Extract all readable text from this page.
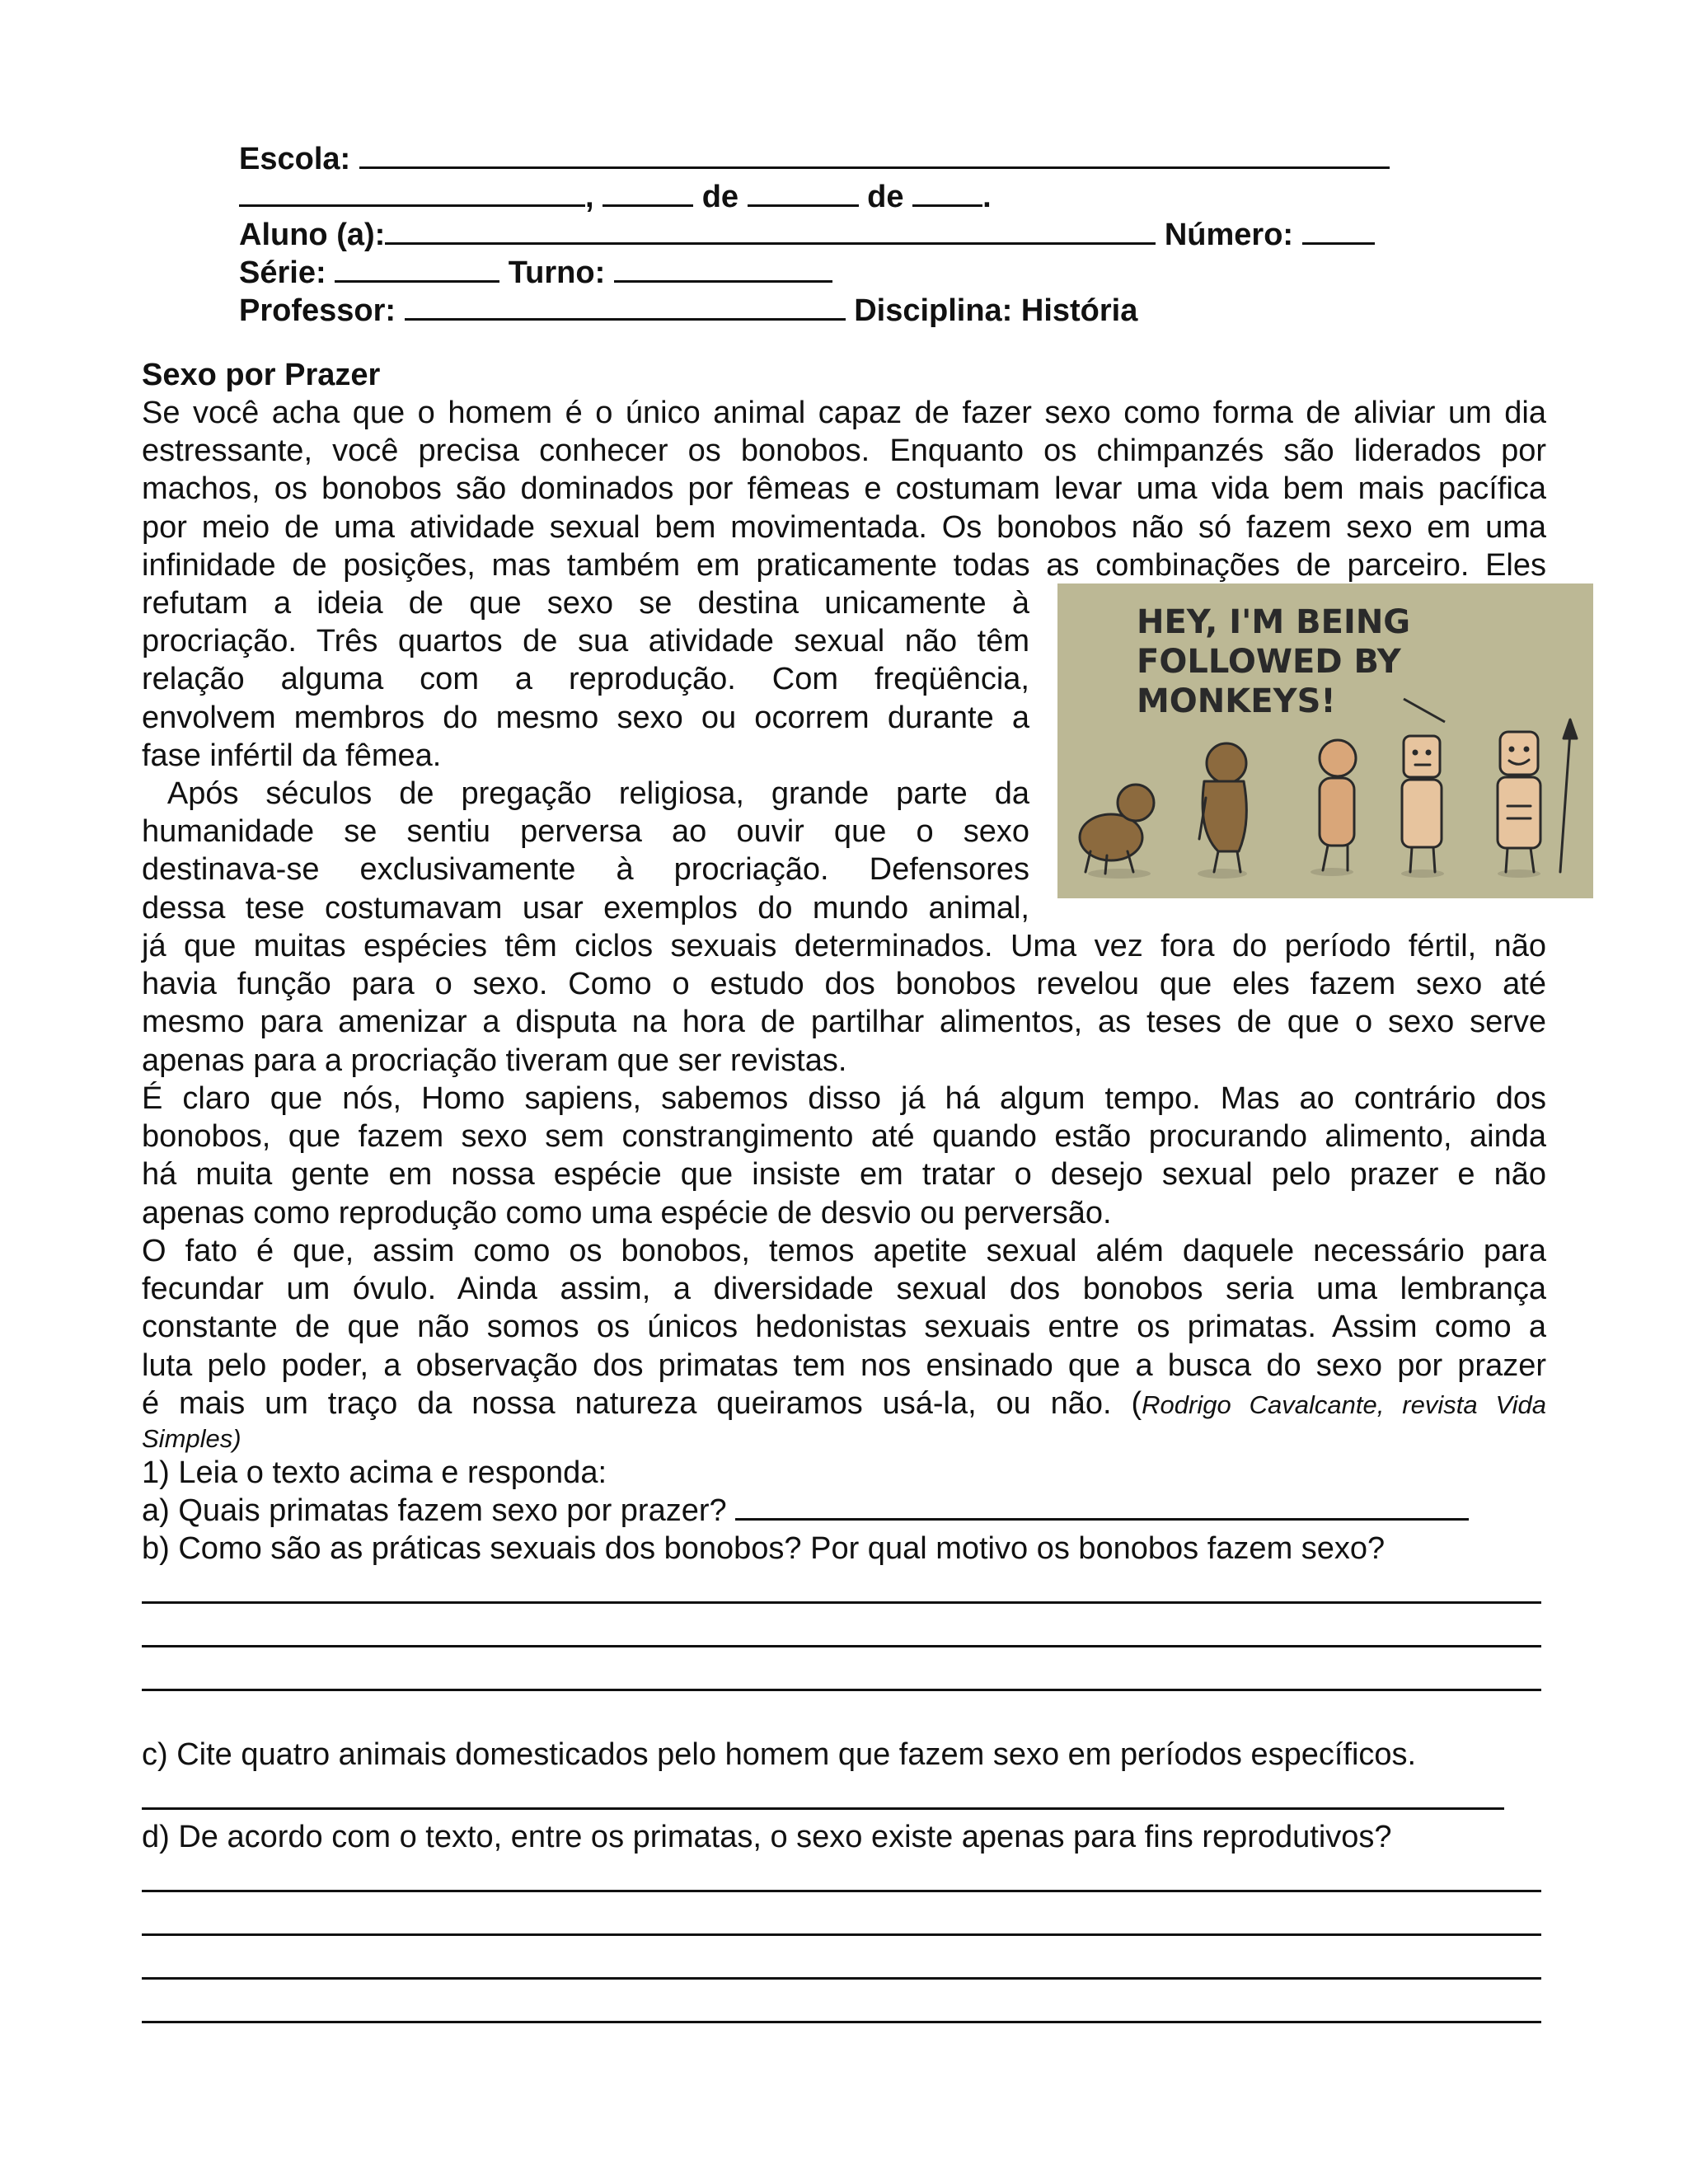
Escola:
,	de	de	.
Aluno (a):	Número:
Série:	Turno:
Professor:	Disciplina: História
Sexo por Prazer
Se você acha que o homem é o único animal capaz de fazer sexo como forma de aliviar um dia
estressante, você precisa conhecer os bonobos. Enquanto os chimpanzés são liderados por
machos, os bonobos são dominados por fêmeas e costumam levar uma vida bem mais pacífica
por meio de uma atividade sexual bem movimentada. Os bonobos não só fazem sexo em uma
infinidade de posições, mas também em praticamente todas as combinações de parceiro. Eles
refutam a ideia de que sexo se destina unicamente à
procriação. Três quartos de sua atividade sexual não têm
relação alguma com a reprodução. Com freqüência,
envolvem membros do mesmo sexo ou ocorrem durante a
fase infértil da fêmea.
Após séculos de pregação religiosa, grande parte da
humanidade se sentiu perversa ao ouvir que o sexo
destinava-se exclusivamente à procriação. Defensores
dessa tese costumavam usar exemplos do mundo animal,
já que muitas espécies têm ciclos sexuais determinados. Uma vez fora do período fértil, não
havia função para o sexo. Como o estudo dos bonobos revelou que eles fazem sexo até
mesmo para amenizar a disputa na hora de partilhar alimentos, as teses de que o sexo serve
apenas para a procriação tiveram que ser revistas.
É claro que nós, Homo sapiens, sabemos disso já há algum tempo. Mas ao contrário dos
bonobos, que fazem sexo sem constrangimento até quando estão procurando alimento, ainda
há muita gente em nossa espécie que insiste em tratar o desejo sexual pelo prazer e não
apenas como reprodução como uma espécie de desvio ou perversão.
O fato é que, assim como os bonobos, temos apetite sexual além daquele necessário para
fecundar um óvulo. Ainda assim, a diversidade sexual dos bonobos seria uma lembrança
constante de que não somos os únicos hedonistas sexuais entre os primatas. Assim como a
luta pelo poder, a observação dos primatas tem nos ensinado que a busca do sexo por prazer
é mais um traço da nossa natureza queiramos usá-la, ou não. (Rodrigo Cavalcante, revista Vida
Simples)
HEY, I'M BEING
FOLLOWED BY
MONKEYS!
1) Leia o texto acima e responda:
a) Quais primatas fazem sexo por prazer?
b) Como são as práticas sexuais dos bonobos? Por qual motivo os bonobos fazem sexo?
c) Cite quatro animais domesticados pelo homem que fazem sexo em períodos específicos.
d) De acordo com o texto, entre os primatas, o sexo existe apenas para fins reprodutivos?
